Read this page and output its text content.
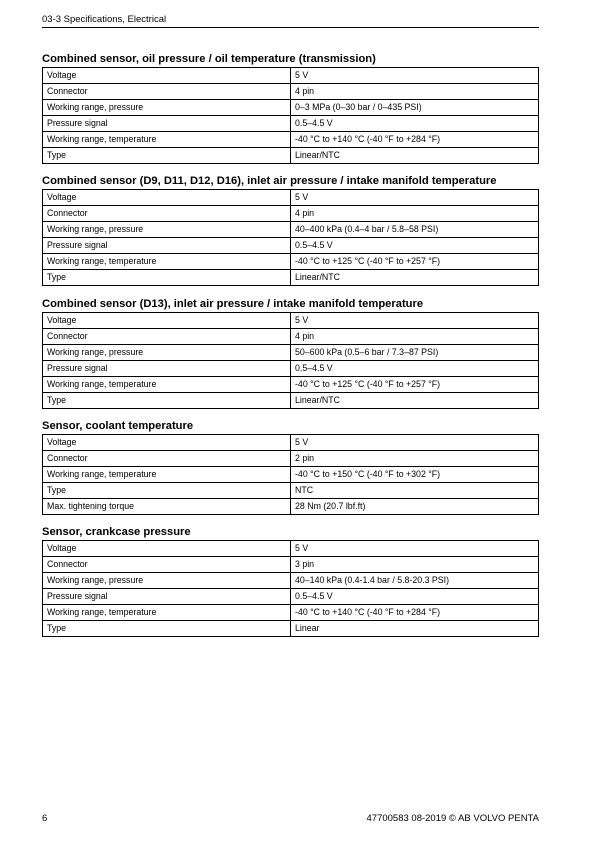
03-3 Specifications, Electrical
Combined sensor, oil pressure / oil temperature (transmission)
Voltage	5 V
Connector	4 pin
Working range, pressure	0–3 MPa (0–30 bar / 0–435 PSI)
Pressure signal	0.5–4.5 V
Working range, temperature	-40 °C to +140 °C (-40 °F to +284 °F)
Type	Linear/NTC
Combined sensor (D9, D11, D12, D16), inlet air pressure / intake manifold temperature
Voltage	5 V
Connector	4 pin
Working range, pressure	40–400 kPa (0.4–4 bar / 5.8–58 PSI)
Pressure signal	0.5–4.5 V
Working range, temperature	-40 °C to +125 °C (-40 °F to +257 °F)
Type	Linear/NTC
Combined sensor (D13), inlet air pressure / intake manifold temperature
Voltage	5 V
Connector	4 pin
Working range, pressure	50–600 kPa (0.5–6 bar / 7.3–87 PSI)
Pressure signal	0.5–4.5 V
Working range, temperature	-40 °C to +125 °C (-40 °F to +257 °F)
Type	Linear/NTC
Sensor, coolant temperature
Voltage	5 V
Connector	2 pin
Working range, temperature	-40 °C to +150 °C (-40 °F to +302 °F)
Type	NTC
Max. tightening torque	28 Nm (20.7 lbf.ft)
Sensor, crankcase pressure
Voltage	5 V
Connector	3 pin
Working range, pressure	40–140 kPa (0.4-1.4 bar / 5.8-20.3 PSI)
Pressure signal	0.5–4.5 V
Working range, temperature	-40 °C to +140 °C (-40 °F to +284 °F)
Type	Linear
6	47700583 08-2019 © AB VOLVO PENTA
